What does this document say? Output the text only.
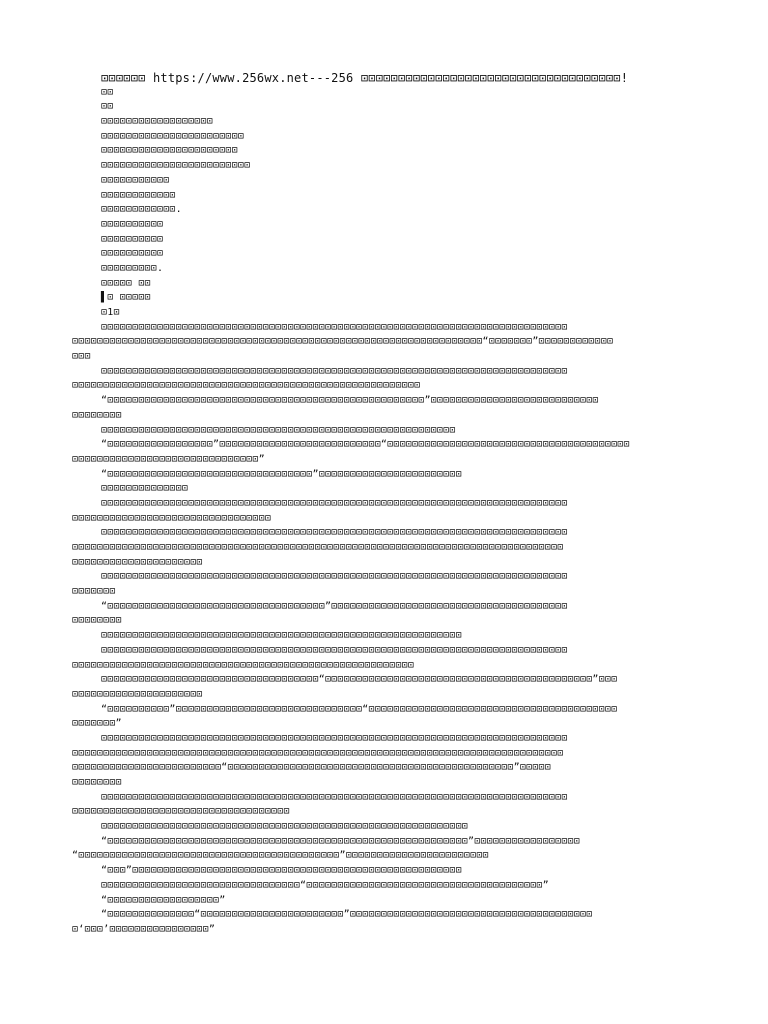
⊡⊡⊡⊡⊡⊡ https://www.256wx.net---256 ⊡⊡⊡⊡⊡⊡⊡⊡⊡⊡⊡⊡⊡⊡⊡⊡⊡⊡⊡⊡⊡⊡⊡⊡⊡⊡⊡⊡⊡⊡⊡⊡⊡⊡⊡!
⊡⊡
⊡⊡
⊡⊡⊡⊡⊡⊡⊡⊡⊡⊡⊡⊡⊡⊡⊡⊡⊡⊡
⊡⊡⊡⊡⊡⊡⊡⊡⊡⊡⊡⊡⊡⊡⊡⊡⊡⊡⊡⊡⊡⊡⊡
⊡⊡⊡⊡⊡⊡⊡⊡⊡⊡⊡⊡⊡⊡⊡⊡⊡⊡⊡⊡⊡⊡
⊡⊡⊡⊡⊡⊡⊡⊡⊡⊡⊡⊡⊡⊡⊡⊡⊡⊡⊡⊡⊡⊡⊡⊡
⊡⊡⊡⊡⊡⊡⊡⊡⊡⊡⊡
⊡⊡⊡⊡⊡⊡⊡⊡⊡⊡⊡⊡
⊡⊡⊡⊡⊡⊡⊡⊡⊡⊡⊡⊡.
⊡⊡⊡⊡⊡⊡⊡⊡⊡⊡
⊡⊡⊡⊡⊡⊡⊡⊡⊡⊡
⊡⊡⊡⊡⊡⊡⊡⊡⊡⊡
⊡⊡⊡⊡⊡⊡⊡⊡⊡.
⊡⊡⊡⊡⊡ ⊡⊡
▌⊡ ⊡⊡⊡⊡⊡
⊡1⊡
⊡⊡⊡⊡⊡⊡⊡⊡⊡⊡⊡⊡⊡⊡⊡⊡⊡⊡⊡⊡⊡⊡⊡⊡⊡⊡⊡⊡⊡⊡⊡⊡⊡⊡⊡⊡⊡⊡⊡⊡⊡⊡⊡⊡⊡⊡⊡⊡⊡⊡⊡⊡⊡⊡⊡⊡⊡⊡⊡⊡⊡⊡⊡⊡⊡⊡⊡⊡⊡⊡⊡⊡⊡⊡⊡
⊡⊡⊡⊡⊡⊡⊡⊡⊡⊡⊡⊡⊡⊡⊡⊡⊡⊡⊡⊡⊡⊡⊡⊡⊡⊡⊡⊡⊡⊡⊡⊡⊡⊡⊡⊡⊡⊡⊡⊡⊡⊡⊡⊡⊡⊡⊡⊡⊡⊡⊡⊡⊡⊡⊡⊡⊡⊡⊡⊡⊡⊡⊡⊡⊡⊡“⊡⊡⊡⊡⊡⊡⊡”⊡⊡⊡⊡⊡⊡⊡⊡⊡⊡⊡⊡
⊡⊡⊡
⊡⊡⊡⊡⊡⊡⊡⊡⊡⊡⊡⊡⊡⊡⊡⊡⊡⊡⊡⊡⊡⊡⊡⊡⊡⊡⊡⊡⊡⊡⊡⊡⊡⊡⊡⊡⊡⊡⊡⊡⊡⊡⊡⊡⊡⊡⊡⊡⊡⊡⊡⊡⊡⊡⊡⊡⊡⊡⊡⊡⊡⊡⊡⊡⊡⊡⊡⊡⊡⊡⊡⊡⊡⊡⊡
⊡⊡⊡⊡⊡⊡⊡⊡⊡⊡⊡⊡⊡⊡⊡⊡⊡⊡⊡⊡⊡⊡⊡⊡⊡⊡⊡⊡⊡⊡⊡⊡⊡⊡⊡⊡⊡⊡⊡⊡⊡⊡⊡⊡⊡⊡⊡⊡⊡⊡⊡⊡⊡⊡⊡⊡
“⊡⊡⊡⊡⊡⊡⊡⊡⊡⊡⊡⊡⊡⊡⊡⊡⊡⊡⊡⊡⊡⊡⊡⊡⊡⊡⊡⊡⊡⊡⊡⊡⊡⊡⊡⊡⊡⊡⊡⊡⊡⊡⊡⊡⊡⊡⊡⊡⊡⊡⊡”⊡⊡⊡⊡⊡⊡⊡⊡⊡⊡⊡⊡⊡⊡⊡⊡⊡⊡⊡⊡⊡⊡⊡⊡⊡⊡⊡
⊡⊡⊡⊡⊡⊡⊡⊡
⊡⊡⊡⊡⊡⊡⊡⊡⊡⊡⊡⊡⊡⊡⊡⊡⊡⊡⊡⊡⊡⊡⊡⊡⊡⊡⊡⊡⊡⊡⊡⊡⊡⊡⊡⊡⊡⊡⊡⊡⊡⊡⊡⊡⊡⊡⊡⊡⊡⊡⊡⊡⊡⊡⊡⊡⊡
“⊡⊡⊡⊡⊡⊡⊡⊡⊡⊡⊡⊡⊡⊡⊡⊡⊡”⊡⊡⊡⊡⊡⊡⊡⊡⊡⊡⊡⊡⊡⊡⊡⊡⊡⊡⊡⊡⊡⊡⊡⊡⊡⊡“⊡⊡⊡⊡⊡⊡⊡⊡⊡⊡⊡⊡⊡⊡⊡⊡⊡⊡⊡⊡⊡⊡⊡⊡⊡⊡⊡⊡⊡⊡⊡⊡⊡⊡⊡⊡⊡⊡⊡
⊡⊡⊡⊡⊡⊡⊡⊡⊡⊡⊡⊡⊡⊡⊡⊡⊡⊡⊡⊡⊡⊡⊡⊡⊡⊡⊡⊡⊡⊡”
“⊡⊡⊡⊡⊡⊡⊡⊡⊡⊡⊡⊡⊡⊡⊡⊡⊡⊡⊡⊡⊡⊡⊡⊡⊡⊡⊡⊡⊡⊡⊡⊡⊡”⊡⊡⊡⊡⊡⊡⊡⊡⊡⊡⊡⊡⊡⊡⊡⊡⊡⊡⊡⊡⊡⊡⊡
⊡⊡⊡⊡⊡⊡⊡⊡⊡⊡⊡⊡⊡⊡
⊡⊡⊡⊡⊡⊡⊡⊡⊡⊡⊡⊡⊡⊡⊡⊡⊡⊡⊡⊡⊡⊡⊡⊡⊡⊡⊡⊡⊡⊡⊡⊡⊡⊡⊡⊡⊡⊡⊡⊡⊡⊡⊡⊡⊡⊡⊡⊡⊡⊡⊡⊡⊡⊡⊡⊡⊡⊡⊡⊡⊡⊡⊡⊡⊡⊡⊡⊡⊡⊡⊡⊡⊡⊡⊡
⊡⊡⊡⊡⊡⊡⊡⊡⊡⊡⊡⊡⊡⊡⊡⊡⊡⊡⊡⊡⊡⊡⊡⊡⊡⊡⊡⊡⊡⊡⊡⊡
⊡⊡⊡⊡⊡⊡⊡⊡⊡⊡⊡⊡⊡⊡⊡⊡⊡⊡⊡⊡⊡⊡⊡⊡⊡⊡⊡⊡⊡⊡⊡⊡⊡⊡⊡⊡⊡⊡⊡⊡⊡⊡⊡⊡⊡⊡⊡⊡⊡⊡⊡⊡⊡⊡⊡⊡⊡⊡⊡⊡⊡⊡⊡⊡⊡⊡⊡⊡⊡⊡⊡⊡⊡⊡⊡
⊡⊡⊡⊡⊡⊡⊡⊡⊡⊡⊡⊡⊡⊡⊡⊡⊡⊡⊡⊡⊡⊡⊡⊡⊡⊡⊡⊡⊡⊡⊡⊡⊡⊡⊡⊡⊡⊡⊡⊡⊡⊡⊡⊡⊡⊡⊡⊡⊡⊡⊡⊡⊡⊡⊡⊡⊡⊡⊡⊡⊡⊡⊡⊡⊡⊡⊡⊡⊡⊡⊡⊡⊡⊡⊡⊡⊡⊡⊡
⊡⊡⊡⊡⊡⊡⊡⊡⊡⊡⊡⊡⊡⊡⊡⊡⊡⊡⊡⊡⊡
⊡⊡⊡⊡⊡⊡⊡⊡⊡⊡⊡⊡⊡⊡⊡⊡⊡⊡⊡⊡⊡⊡⊡⊡⊡⊡⊡⊡⊡⊡⊡⊡⊡⊡⊡⊡⊡⊡⊡⊡⊡⊡⊡⊡⊡⊡⊡⊡⊡⊡⊡⊡⊡⊡⊡⊡⊡⊡⊡⊡⊡⊡⊡⊡⊡⊡⊡⊡⊡⊡⊡⊡⊡⊡⊡
⊡⊡⊡⊡⊡⊡⊡
“⊡⊡⊡⊡⊡⊡⊡⊡⊡⊡⊡⊡⊡⊡⊡⊡⊡⊡⊡⊡⊡⊡⊡⊡⊡⊡⊡⊡⊡⊡⊡⊡⊡⊡⊡”⊡⊡⊡⊡⊡⊡⊡⊡⊡⊡⊡⊡⊡⊡⊡⊡⊡⊡⊡⊡⊡⊡⊡⊡⊡⊡⊡⊡⊡⊡⊡⊡⊡⊡⊡⊡⊡⊡
⊡⊡⊡⊡⊡⊡⊡⊡
⊡⊡⊡⊡⊡⊡⊡⊡⊡⊡⊡⊡⊡⊡⊡⊡⊡⊡⊡⊡⊡⊡⊡⊡⊡⊡⊡⊡⊡⊡⊡⊡⊡⊡⊡⊡⊡⊡⊡⊡⊡⊡⊡⊡⊡⊡⊡⊡⊡⊡⊡⊡⊡⊡⊡⊡⊡⊡
⊡⊡⊡⊡⊡⊡⊡⊡⊡⊡⊡⊡⊡⊡⊡⊡⊡⊡⊡⊡⊡⊡⊡⊡⊡⊡⊡⊡⊡⊡⊡⊡⊡⊡⊡⊡⊡⊡⊡⊡⊡⊡⊡⊡⊡⊡⊡⊡⊡⊡⊡⊡⊡⊡⊡⊡⊡⊡⊡⊡⊡⊡⊡⊡⊡⊡⊡⊡⊡⊡⊡⊡⊡⊡⊡
⊡⊡⊡⊡⊡⊡⊡⊡⊡⊡⊡⊡⊡⊡⊡⊡⊡⊡⊡⊡⊡⊡⊡⊡⊡⊡⊡⊡⊡⊡⊡⊡⊡⊡⊡⊡⊡⊡⊡⊡⊡⊡⊡⊡⊡⊡⊡⊡⊡⊡⊡⊡⊡⊡⊡
⊡⊡⊡⊡⊡⊡⊡⊡⊡⊡⊡⊡⊡⊡⊡⊡⊡⊡⊡⊡⊡⊡⊡⊡⊡⊡⊡⊡⊡⊡⊡⊡⊡⊡⊡“⊡⊡⊡⊡⊡⊡⊡⊡⊡⊡⊡⊡⊡⊡⊡⊡⊡⊡⊡⊡⊡⊡⊡⊡⊡⊡⊡⊡⊡⊡⊡⊡⊡⊡⊡⊡⊡⊡⊡⊡⊡⊡⊡”⊡⊡⊡
⊡⊡⊡⊡⊡⊡⊡⊡⊡⊡⊡⊡⊡⊡⊡⊡⊡⊡⊡⊡⊡
“⊡⊡⊡⊡⊡⊡⊡⊡⊡⊡”⊡⊡⊡⊡⊡⊡⊡⊡⊡⊡⊡⊡⊡⊡⊡⊡⊡⊡⊡⊡⊡⊡⊡⊡⊡⊡⊡⊡⊡⊡“⊡⊡⊡⊡⊡⊡⊡⊡⊡⊡⊡⊡⊡⊡⊡⊡⊡⊡⊡⊡⊡⊡⊡⊡⊡⊡⊡⊡⊡⊡⊡⊡⊡⊡⊡⊡⊡⊡⊡⊡
⊡⊡⊡⊡⊡⊡⊡”
⊡⊡⊡⊡⊡⊡⊡⊡⊡⊡⊡⊡⊡⊡⊡⊡⊡⊡⊡⊡⊡⊡⊡⊡⊡⊡⊡⊡⊡⊡⊡⊡⊡⊡⊡⊡⊡⊡⊡⊡⊡⊡⊡⊡⊡⊡⊡⊡⊡⊡⊡⊡⊡⊡⊡⊡⊡⊡⊡⊡⊡⊡⊡⊡⊡⊡⊡⊡⊡⊡⊡⊡⊡⊡⊡
⊡⊡⊡⊡⊡⊡⊡⊡⊡⊡⊡⊡⊡⊡⊡⊡⊡⊡⊡⊡⊡⊡⊡⊡⊡⊡⊡⊡⊡⊡⊡⊡⊡⊡⊡⊡⊡⊡⊡⊡⊡⊡⊡⊡⊡⊡⊡⊡⊡⊡⊡⊡⊡⊡⊡⊡⊡⊡⊡⊡⊡⊡⊡⊡⊡⊡⊡⊡⊡⊡⊡⊡⊡⊡⊡⊡⊡⊡⊡
⊡⊡⊡⊡⊡⊡⊡⊡⊡⊡⊡⊡⊡⊡⊡⊡⊡⊡⊡⊡⊡⊡⊡⊡“⊡⊡⊡⊡⊡⊡⊡⊡⊡⊡⊡⊡⊡⊡⊡⊡⊡⊡⊡⊡⊡⊡⊡⊡⊡⊡⊡⊡⊡⊡⊡⊡⊡⊡⊡⊡⊡⊡⊡⊡⊡⊡⊡⊡⊡⊡”⊡⊡⊡⊡⊡
⊡⊡⊡⊡⊡⊡⊡⊡
⊡⊡⊡⊡⊡⊡⊡⊡⊡⊡⊡⊡⊡⊡⊡⊡⊡⊡⊡⊡⊡⊡⊡⊡⊡⊡⊡⊡⊡⊡⊡⊡⊡⊡⊡⊡⊡⊡⊡⊡⊡⊡⊡⊡⊡⊡⊡⊡⊡⊡⊡⊡⊡⊡⊡⊡⊡⊡⊡⊡⊡⊡⊡⊡⊡⊡⊡⊡⊡⊡⊡⊡⊡⊡⊡
⊡⊡⊡⊡⊡⊡⊡⊡⊡⊡⊡⊡⊡⊡⊡⊡⊡⊡⊡⊡⊡⊡⊡⊡⊡⊡⊡⊡⊡⊡⊡⊡⊡⊡⊡
⊡⊡⊡⊡⊡⊡⊡⊡⊡⊡⊡⊡⊡⊡⊡⊡⊡⊡⊡⊡⊡⊡⊡⊡⊡⊡⊡⊡⊡⊡⊡⊡⊡⊡⊡⊡⊡⊡⊡⊡⊡⊡⊡⊡⊡⊡⊡⊡⊡⊡⊡⊡⊡⊡⊡⊡⊡⊡⊡
“⊡⊡⊡⊡⊡⊡⊡⊡⊡⊡⊡⊡⊡⊡⊡⊡⊡⊡⊡⊡⊡⊡⊡⊡⊡⊡⊡⊡⊡⊡⊡⊡⊡⊡⊡⊡⊡⊡⊡⊡⊡⊡⊡⊡⊡⊡⊡⊡⊡⊡⊡⊡⊡⊡⊡⊡⊡⊡”⊡⊡⊡⊡⊡⊡⊡⊡⊡⊡⊡⊡⊡⊡⊡⊡⊡
“⊡⊡⊡⊡⊡⊡⊡⊡⊡⊡⊡⊡⊡⊡⊡⊡⊡⊡⊡⊡⊡⊡⊡⊡⊡⊡⊡⊡⊡⊡⊡⊡⊡⊡⊡⊡⊡⊡⊡⊡⊡⊡”⊡⊡⊡⊡⊡⊡⊡⊡⊡⊡⊡⊡⊡⊡⊡⊡⊡⊡⊡⊡⊡⊡⊡
“⊡⊡⊡”⊡⊡⊡⊡⊡⊡⊡⊡⊡⊡⊡⊡⊡⊡⊡⊡⊡⊡⊡⊡⊡⊡⊡⊡⊡⊡⊡⊡⊡⊡⊡⊡⊡⊡⊡⊡⊡⊡⊡⊡⊡⊡⊡⊡⊡⊡⊡⊡⊡⊡⊡⊡⊡
⊡⊡⊡⊡⊡⊡⊡⊡⊡⊡⊡⊡⊡⊡⊡⊡⊡⊡⊡⊡⊡⊡⊡⊡⊡⊡⊡⊡⊡⊡⊡⊡“⊡⊡⊡⊡⊡⊡⊡⊡⊡⊡⊡⊡⊡⊡⊡⊡⊡⊡⊡⊡⊡⊡⊡⊡⊡⊡⊡⊡⊡⊡⊡⊡⊡⊡⊡⊡⊡⊡”
“⊡⊡⊡⊡⊡⊡⊡⊡⊡⊡⊡⊡⊡⊡⊡⊡⊡⊡”
“⊡⊡⊡⊡⊡⊡⊡⊡⊡⊡⊡⊡⊡⊡“⊡⊡⊡⊡⊡⊡⊡⊡⊡⊡⊡⊡⊡⊡⊡⊡⊡⊡⊡⊡⊡⊡⊡”⊡⊡⊡⊡⊡⊡⊡⊡⊡⊡⊡⊡⊡⊡⊡⊡⊡⊡⊡⊡⊡⊡⊡⊡⊡⊡⊡⊡⊡⊡⊡⊡⊡⊡⊡⊡⊡⊡⊡
⊡‘⊡⊡⊡’⊡⊡⊡⊡⊡⊡⊡⊡⊡⊡⊡⊡⊡⊡⊡⊡”
